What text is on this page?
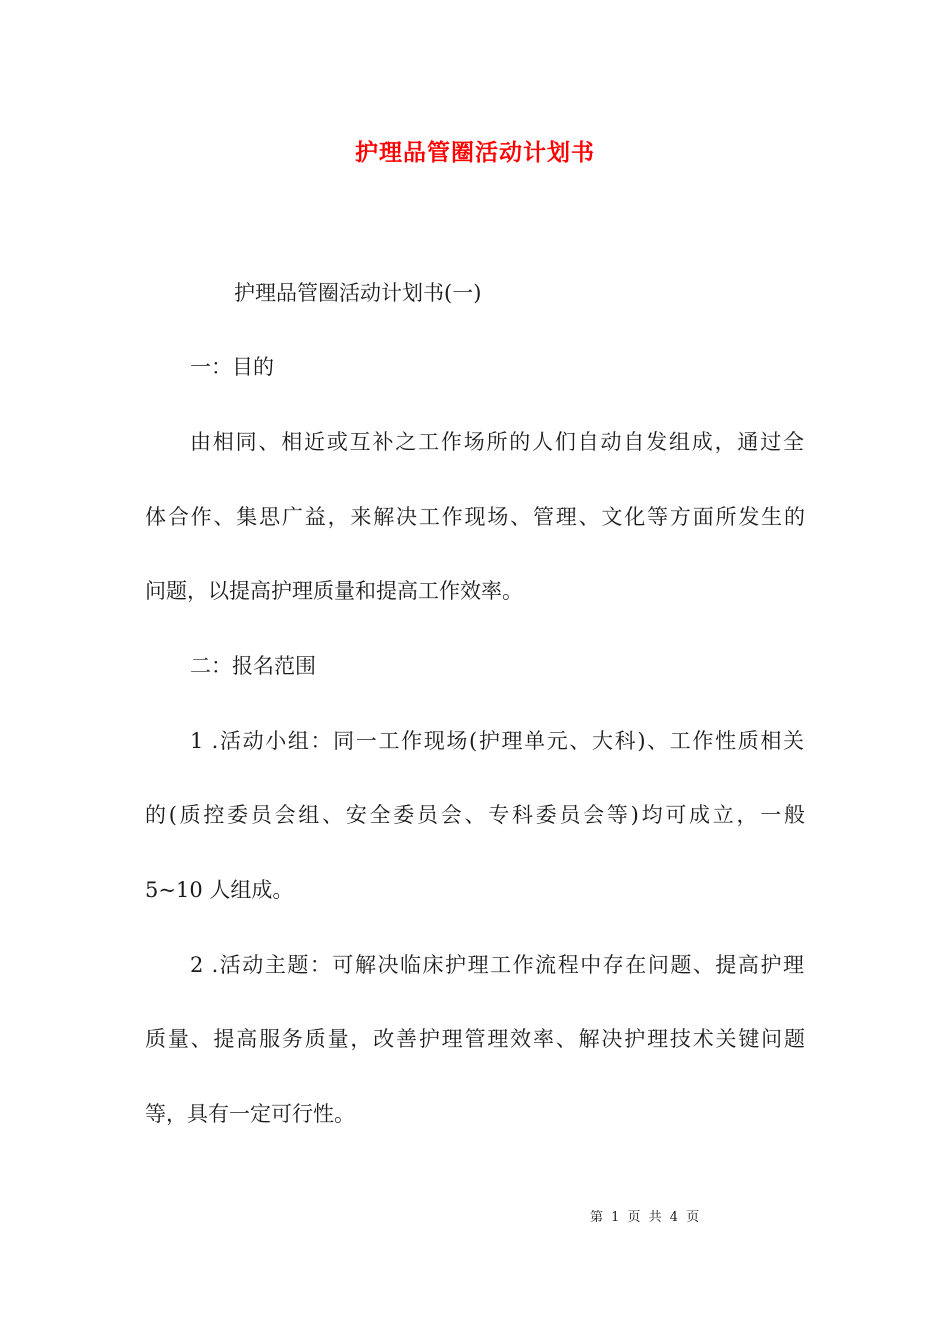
护理品管圈活动计划书
护理品管圈活动计划书(一)
一：目的
由相同、相近或互补之工作场所的人们自动自发组成，通过全
体合作、集思广益，来解决工作现场、管理、文化等方面所发生的
问题，以提高护理质量和提高工作效率。
二：报名范围
1 .活动小组：同一工作现场(护理单元、大科)、工作性质相关
的(质控委员会组、安全委员会、专科委员会等)均可成立，一般
5~10 人组成。
2 .活动主题：可解决临床护理工作流程中存在问题、提高护理
质量、提高服务质量，改善护理管理效率、解决护理技术关键问题
等，具有一定可行性。
第 1 页 共 4 页
